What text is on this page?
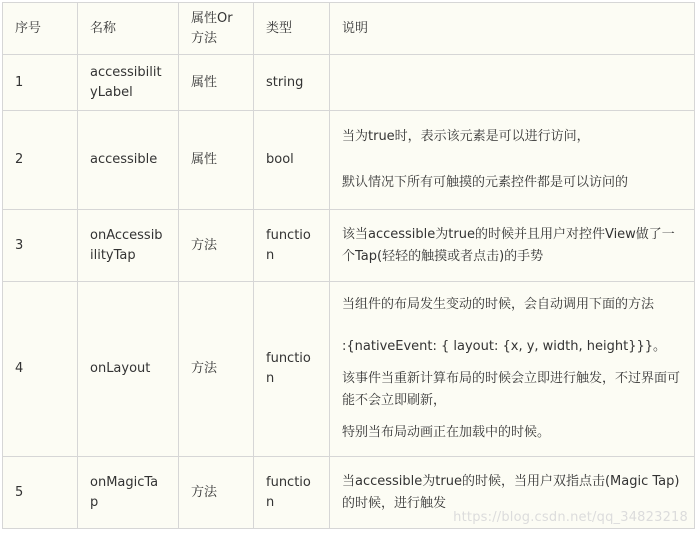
序号	名称	属性Or方法	类型	说明
1	accessibilityLabel	属性	string	
2	accessible	属性	bool	当为true时，表示该元素是可以进行访问，

默认情况下所有可触摸的元素控件都是可以访问的

3	onAccessibilityTap	方法	function	该当accessible为true的时候并且用户对控件View做了一个Tap(轻轻的触摸或者点击)的手势

4	onLayout	方法	function	当组件的布局发生变动的时候，会自动调用下面的方法

:{nativeEvent: { layout: {x, y, width, height}}}。

该事件当重新计算布局的时候会立即进行触发，不过界面可能不会立即刷新，

特别当布局动画正在加载中的时候。

5	onMagicTap	方法	function	当accessible为true的时候，当用户双指点击(Magic Tap)的时候，进行触发

https://blog.csdn.net/qq_34823218
